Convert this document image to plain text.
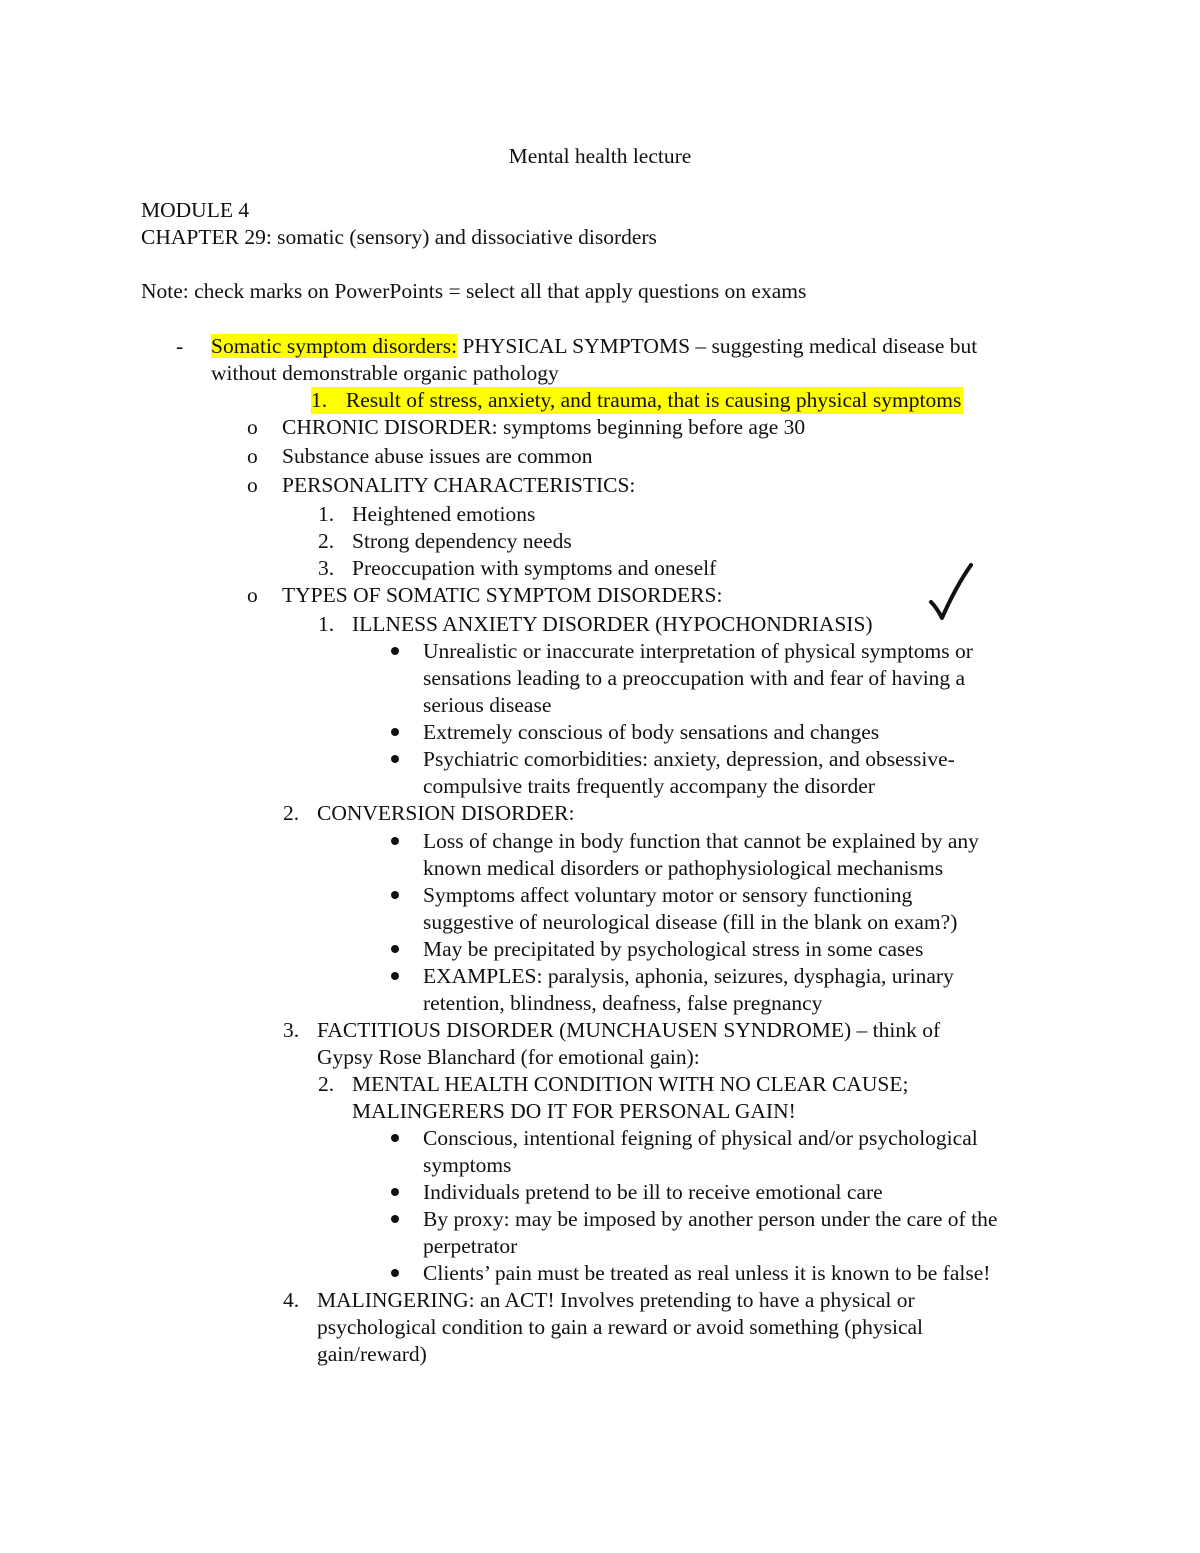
Mental health lecture
MODULE 4
CHAPTER 29: somatic (sensory) and dissociative disorders
Note: check marks on PowerPoints = select all that apply questions on exams
- Somatic symptom disorders: PHYSICAL SYMPTOMS – suggesting medical disease but
without demonstrable organic pathology
1. Result of stress, anxiety, and trauma, that is causing physical symptoms
o CHRONIC DISORDER: symptoms beginning before age 30
o Substance abuse issues are common
o PERSONALITY CHARACTERISTICS:
1. Heightened emotions
2. Strong dependency needs
3. Preoccupation with symptoms and oneself
o TYPES OF SOMATIC SYMPTOM DISORDERS:
1. ILLNESS ANXIETY DISORDER (HYPOCHONDRIASIS)
Unrealistic or inaccurate interpretation of physical symptoms or
sensations leading to a preoccupation with and fear of having a
serious disease
Extremely conscious of body sensations and changes
Psychiatric comorbidities: anxiety, depression, and obsessive-
compulsive traits frequently accompany the disorder
2. CONVERSION DISORDER:
Loss of change in body function that cannot be explained by any
known medical disorders or pathophysiological mechanisms
Symptoms affect voluntary motor or sensory functioning
suggestive of neurological disease (fill in the blank on exam?)
May be precipitated by psychological stress in some cases
EXAMPLES: paralysis, aphonia, seizures, dysphagia, urinary
retention, blindness, deafness, false pregnancy
3. FACTITIOUS DISORDER (MUNCHAUSEN SYNDROME) – think of
Gypsy Rose Blanchard (for emotional gain):
2. MENTAL HEALTH CONDITION WITH NO CLEAR CAUSE;
MALINGERERS DO IT FOR PERSONAL GAIN!
Conscious, intentional feigning of physical and/or psychological
symptoms
Individuals pretend to be ill to receive emotional care
By proxy: may be imposed by another person under the care of the
perpetrator
Clients’ pain must be treated as real unless it is known to be false!
4. MALINGERING: an ACT! Involves pretending to have a physical or
psychological condition to gain a reward or avoid something (physical
gain/reward)
